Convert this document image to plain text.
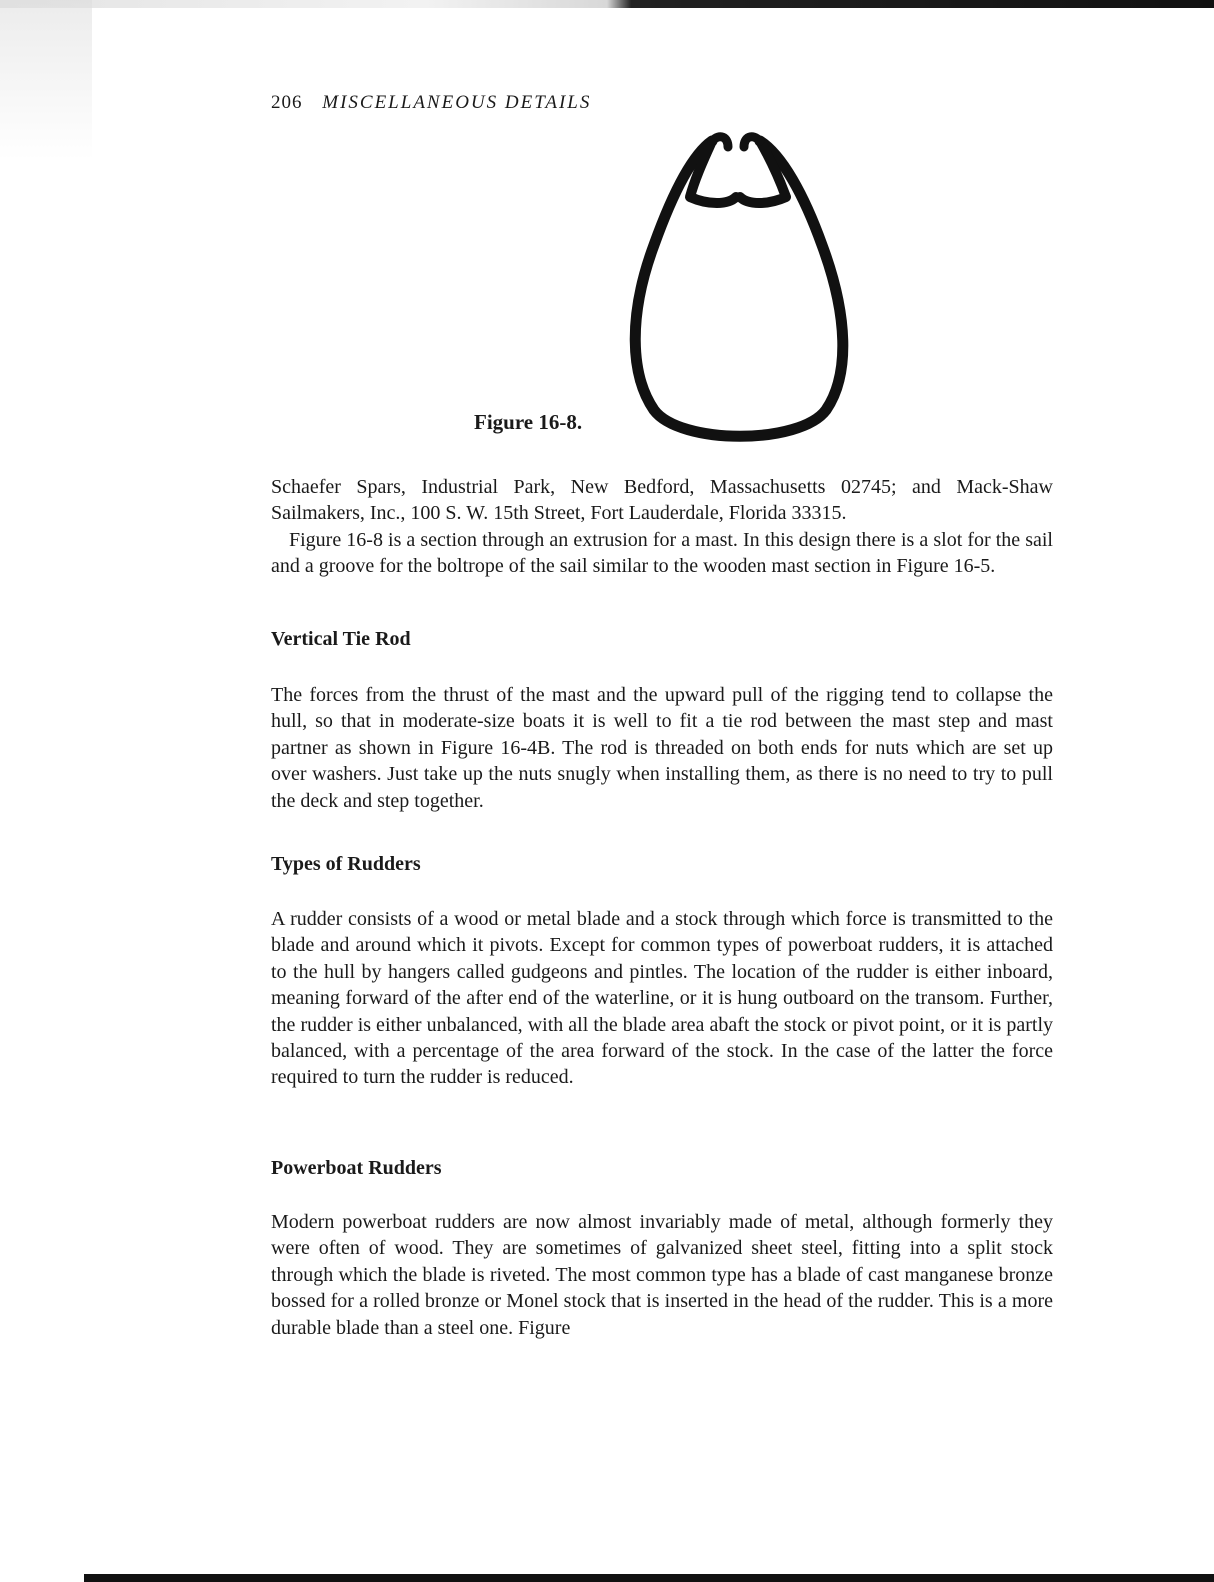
206 MISCELLANEOUS DETAILS
Figure 16-8.

Schaefer Spars, Industrial Park, New Bedford, Massachusetts 02745; and Mack-Shaw Sailmakers, Inc., 100 S. W. 15th Street, Fort Lauderdale, Florida 33315.

Figure 16-8 is a section through an extrusion for a mast. In this design there is a slot for the sail and a groove for the boltrope of the sail similar to the wooden mast section in Figure 16-5.

Vertical Tie Rod

The forces from the thrust of the mast and the upward pull of the rigging tend to collapse the hull, so that in moderate-size boats it is well to fit a tie rod between the mast step and mast partner as shown in Figure 16-4B. The rod is threaded on both ends for nuts which are set up over washers. Just take up the nuts snugly when installing them, as there is no need to try to pull the deck and step together.

Types of Rudders

A rudder consists of a wood or metal blade and a stock through which force is transmitted to the blade and around which it pivots. Except for common types of powerboat rudders, it is attached to the hull by hangers called gudgeons and pintles. The location of the rudder is either inboard, meaning forward of the after end of the waterline, or it is hung outboard on the transom. Further, the rudder is either unbalanced, with all the blade area abaft the stock or pivot point, or it is partly balanced, with a percentage of the area forward of the stock. In the case of the latter the force required to turn the rudder is reduced.

Powerboat Rudders

Modern powerboat rudders are now almost invariably made of metal, although formerly they were often of wood. They are sometimes of galvanized sheet steel, fitting into a split stock through which the blade is riveted. The most common type has a blade of cast manganese bronze bossed for a rolled bronze or Monel stock that is inserted in the head of the rudder. This is a more durable blade than a steel one. Figure
